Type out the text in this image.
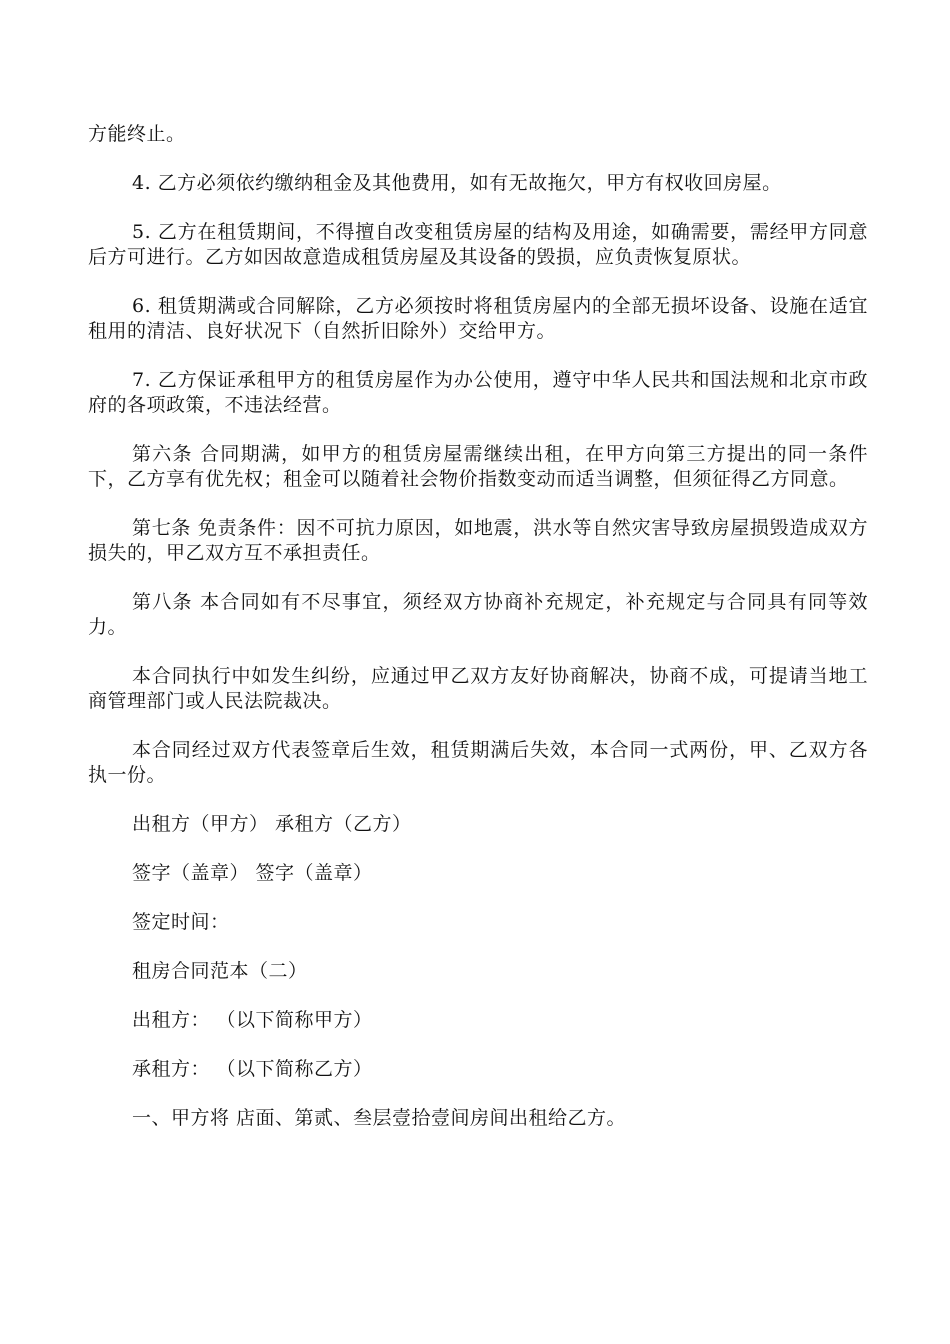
方能终止。

4. 乙方必须依约缴纳租金及其他费用，如有无故拖欠，甲方有权收回房屋。

5. 乙方在租赁期间，不得擅自改变租赁房屋的结构及用途，如确需要，需经甲方同意后方可进行。乙方如因故意造成租赁房屋及其设备的毁损，应负责恢复原状。

6. 租赁期满或合同解除，乙方必须按时将租赁房屋内的全部无损坏设备、设施在适宜租用的清洁、良好状况下（自然折旧除外）交给甲方。

7. 乙方保证承租甲方的租赁房屋作为办公使用，遵守中华人民共和国法规和北京市政府的各项政策，不违法经营。

第六条 合同期满，如甲方的租赁房屋需继续出租，在甲方向第三方提出的同一条件下，乙方享有优先权；租金可以随着社会物价指数变动而适当调整，但须征得乙方同意。

第七条 免责条件：因不可抗力原因，如地震，洪水等自然灾害导致房屋损毁造成双方损失的，甲乙双方互不承担责任。

第八条 本合同如有不尽事宜，须经双方协商补充规定，补充规定与合同具有同等效力。

本合同执行中如发生纠纷，应通过甲乙双方友好协商解决，协商不成，可提请当地工商管理部门或人民法院裁决。

本合同经过双方代表签章后生效，租赁期满后失效，本合同一式两份，甲、乙双方各执一份。

出租方（甲方） 承租方（乙方）

签字（盖章） 签字（盖章）

签定时间：

租房合同范本（二）

出租方： （以下简称甲方）

承租方： （以下简称乙方）

一、甲方将 店面、第贰、叁层壹拾壹间房间出租给乙方。
